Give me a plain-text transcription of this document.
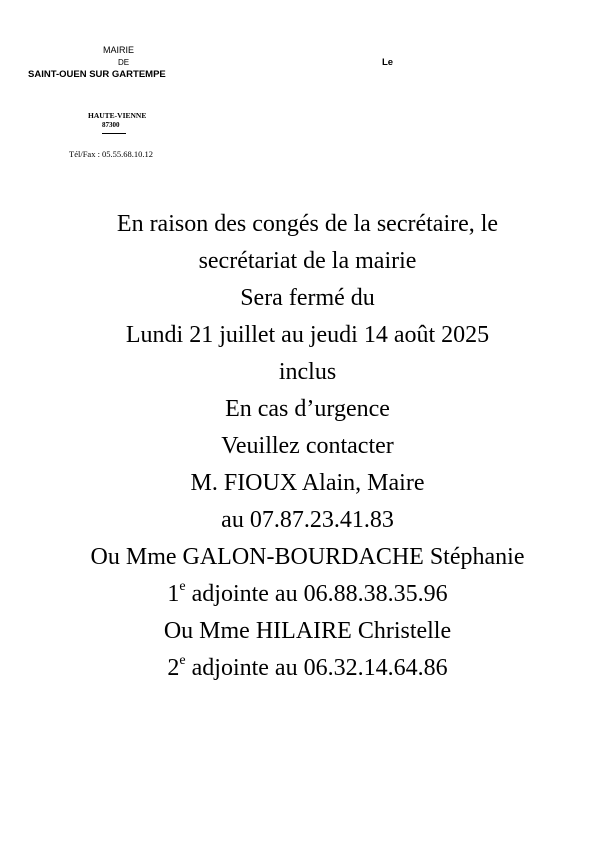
MAIRIE
DE
SAINT-OUEN SUR GARTEMPE
Le
HAUTE-VIENNE
87300
Tél/Fax : 05.55.68.10.12
En raison des congés de la secrétaire, le
secrétariat de la mairie
Sera fermé du
Lundi 21 juillet au jeudi 14 août 2025
inclus
En cas d’urgence
Veuillez contacter
M. FIOUX Alain, Maire
au 07.87.23.41.83
Ou Mme GALON-BOURDACHE Stéphanie
1e adjointe au 06.88.38.35.96
Ou Mme HILAIRE Christelle
2e adjointe au 06.32.14.64.86
